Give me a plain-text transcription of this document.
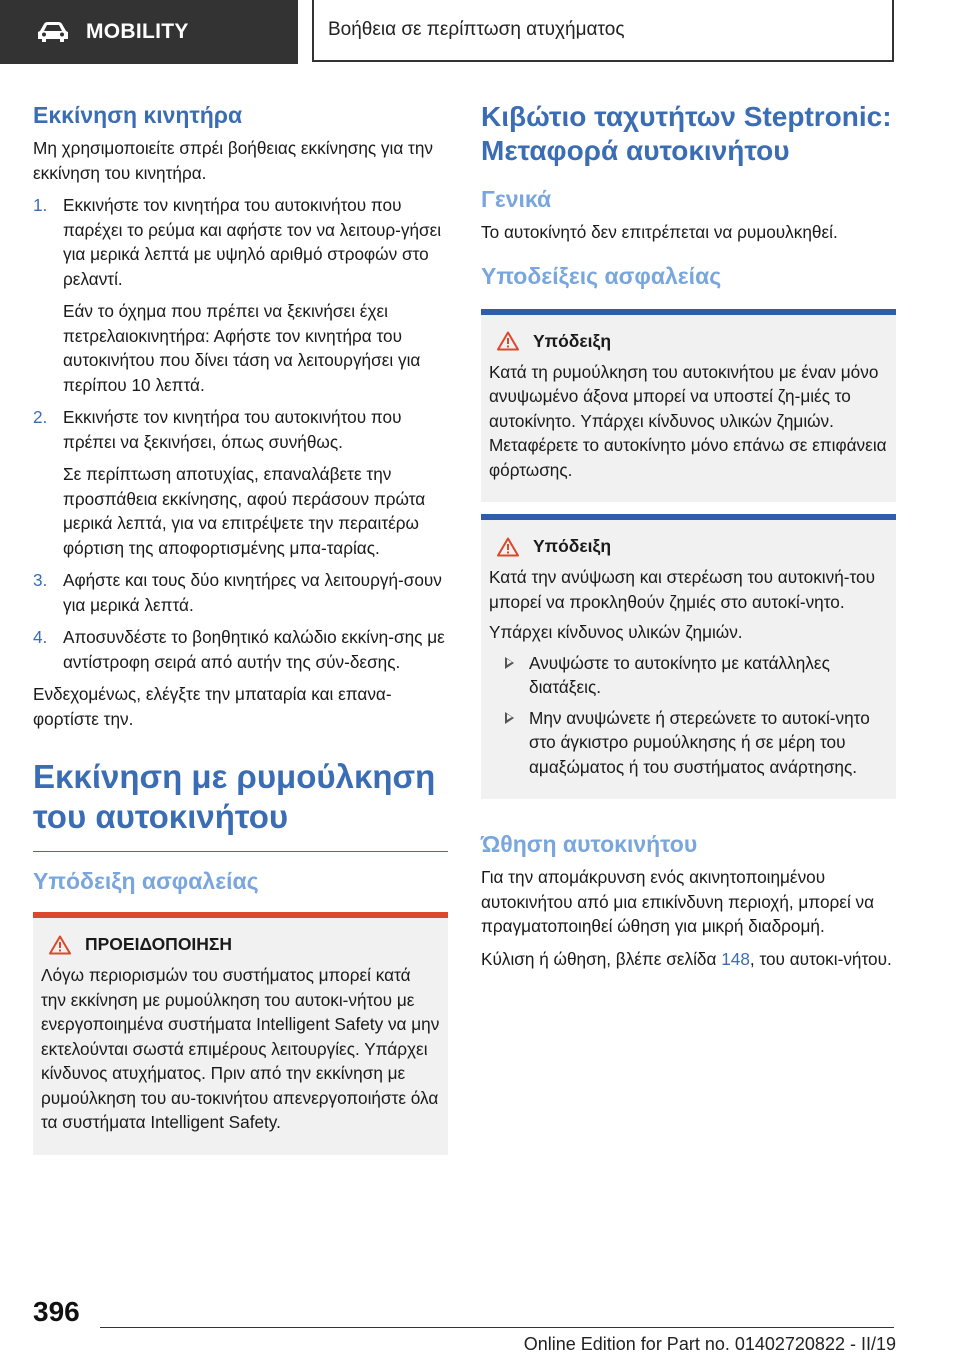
MOBILITY	Βοήθεια σε περίπτωση ατυχήματος
Εκκίνηση κινητήρα

Μη χρησιμοποιείτε σπρέι βοήθειας εκκίνησης για την εκκίνηση του κινητήρα.

1. Εκκινήστε τον κινητήρα του αυτοκινήτου που παρέχει το ρεύμα και αφήστε τον να λειτουρ-γήσει για μερικά λεπτά με υψηλό αριθμό στροφών στο ρελαντί.

Εάν το όχημα που πρέπει να ξεκινήσει έχει πετρελαιοκινητήρα: Αφήστε τον κινητήρα του αυτοκινήτου που δίνει τάση να λειτουργήσει για περίπου 10 λεπτά.

2. Εκκινήστε τον κινητήρα του αυτοκινήτου που πρέπει να ξεκινήσει, όπως συνήθως.

Σε περίπτωση αποτυχίας, επαναλάβετε την προσπάθεια εκκίνησης, αφού περάσουν πρώτα μερικά λεπτά, για να επιτρέψετε την περαιτέρω φόρτιση της αποφορτισμένης μπα-ταρίας.

3. Αφήστε και τους δύο κινητήρες να λειτουργή-σουν για μερικά λεπτά.

4. Αποσυνδέστε το βοηθητικό καλώδιο εκκίνη-σης με αντίστροφη σειρά από αυτήν της σύν-δεσης.

Ενδεχομένως, ελέγξτε την μπαταρία και επανα-φορτίστε την.

Εκκίνηση με ρυμούλκηση του αυτοκινήτου
Υπόδειξη ασφαλείας
ΠΡΟΕΙΔΟΠΟΙΗΣΗ

Λόγω περιορισμών του συστήματος μπορεί κατά την εκκίνηση με ρυμούλκηση του αυτοκι-νήτου με ενεργοποιημένα συστήματα Intelligent Safety να μην εκτελούνται σωστά επιμέρους λειτουργίες. Υπάρχει κίνδυνος ατυχήματος. Πριν από την εκκίνηση με ρυμούλκηση του αυ-τοκινήτου απενεργοποιήστε όλα τα συστήματα Intelligent Safety.

Κιβώτιο ταχυτήτων Steptronic: Μεταφορά αυτοκινήτου
Γενικά

Το αυτοκίνητό δεν επιτρέπεται να ρυμουλκηθεί.

Υποδείξεις ασφαλείας
Υπόδειξη

Κατά τη ρυμούλκηση του αυτοκινήτου με έναν μόνο ανυψωμένο άξονα μπορεί να υποστεί ζη-μιές το αυτοκίνητο. Υπάρχει κίνδυνος υλικών ζημιών. Μεταφέρετε το αυτοκίνητο μόνο επάνω σε επιφάνεια φόρτωσης.

Υπόδειξη

Κατά την ανύψωση και στερέωση του αυτοκινή-του μπορεί να προκληθούν ζημιές στο αυτοκί-νητο.

Υπάρχει κίνδυνος υλικών ζημιών.

Ανυψώστε το αυτοκίνητο με κατάλληλες διατάξεις.

Μην ανυψώνετε ή στερεώνετε το αυτοκί-νητο στο άγκιστρο ρυμούλκησης ή σε μέρη του αμαξώματος ή του συστήματος ανάρτησης.

Ώθηση αυτοκινήτου

Για την απομάκρυνση ενός ακινητοποιημένου αυτοκινήτου από μια επικίνδυνη περιοχή, μπορεί να πραγματοποιηθεί ώθηση για μικρή διαδρομή.

Κύλιση ή ώθηση, βλέπε σελίδα 148, του αυτοκι-νήτου.

396
Online Edition for Part no. 01402720822 - II/19
